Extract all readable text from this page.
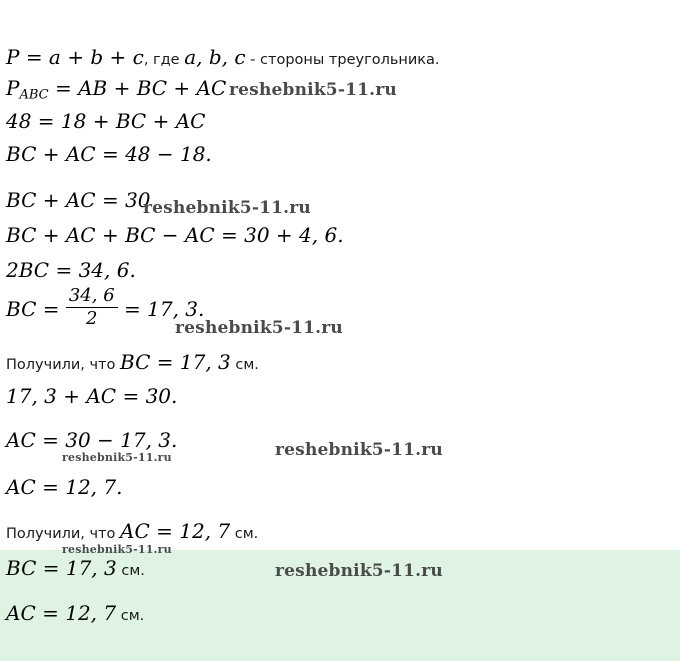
P = a + b + c, где a, b, c - стороны треугольника.
$P_{ABC}$ = AB + BC + AC reshebnik5-11.ru
48 = 18 + BC + AC
BC + AC = 48 − 18.
BC + AC = 30
reshebnik5-11.ru
BC + AC + BC − AC = 30 + 4, 6.
2BC = 34, 6.
BC = $\frac{34, 6}{2} = 17$, 3.
reshebnik5-11.ru
Получили, что BC = 17, 3 см.
17, 3 + AC = 30.
AC = 30 − 17, 3.
reshebnik5-11.ru	reshebnik5-11.ru
AC = 12, 7.
Получили, что AC = 12, 7 см.
reshebnik5-11.ru
BC = 17, 3 см.	reshebnik5-11.ru
AC = 12, 7 см.
